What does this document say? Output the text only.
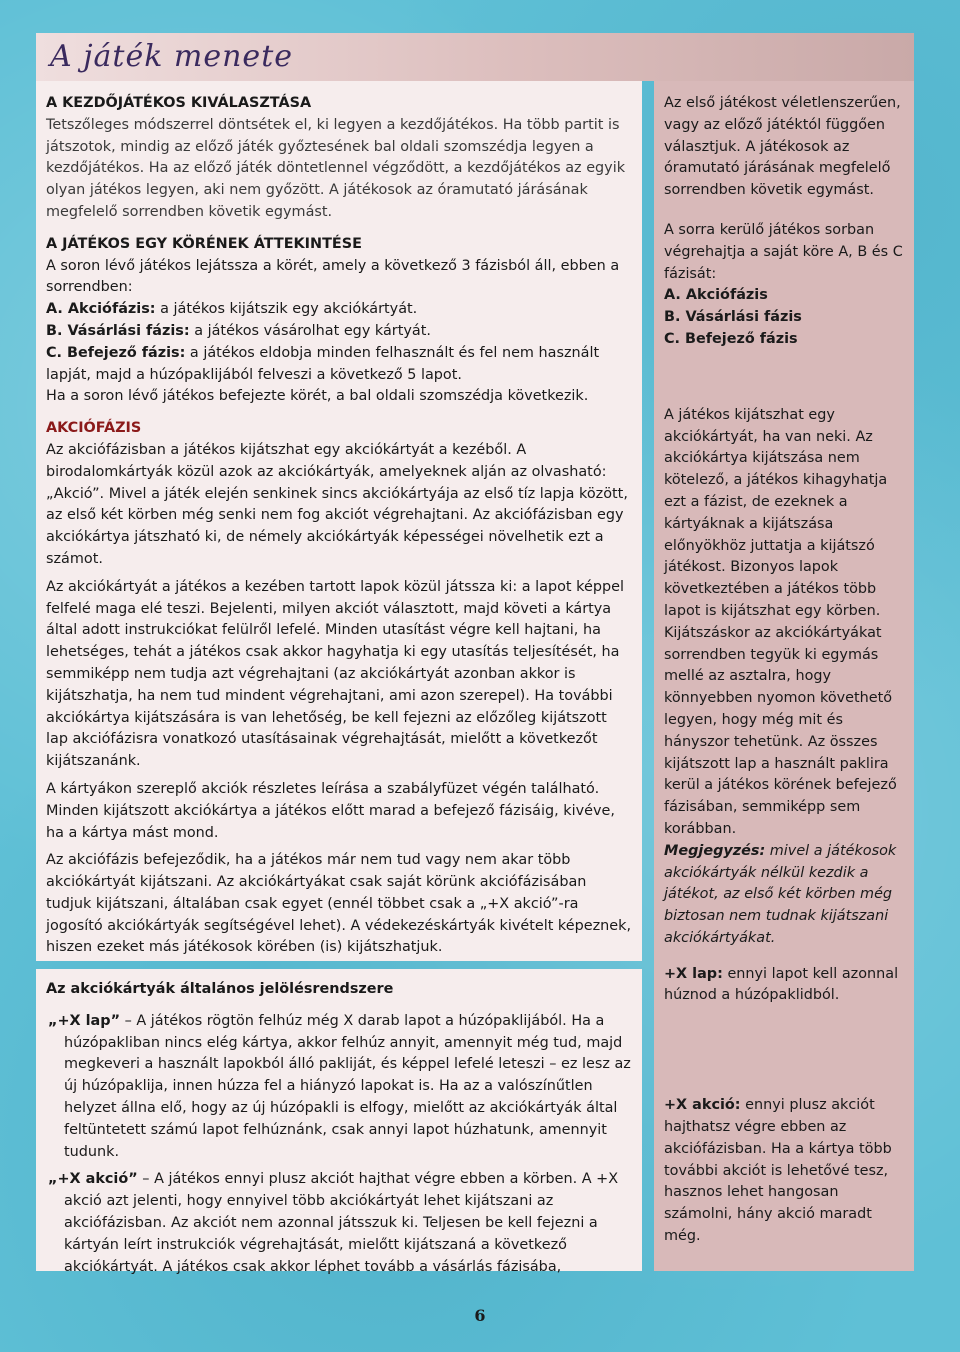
A játék menete

A KEZDŐJÁTÉKOS KIVÁLASZTÁSA

Tetszőleges módszerrel döntsétek el, ki legyen a kezdőjátékos. Ha több partit is játszotok, mindig az előző játék győztesének bal oldali szomszédja legyen a kezdőjátékos. Ha az előző játék döntetlennel végződött, a kezdőjátékos az egyik olyan játékos legyen, aki nem győzött. A játékosok az óramutató járásának megfelelő sorrendben követik egymást.

A JÁTÉKOS EGY KÖRÉNEK ÁTTEKINTÉSE

A soron lévő játékos lejátssza a körét, amely a következő 3 fázisból áll, ebben a sorrendben:

A. Akciófázis: a játékos kijátszik egy akciókártyát.

B. Vásárlási fázis: a játékos vásárolhat egy kártyát.

C. Befejező fázis: a játékos eldobja minden felhasznált és fel nem használt lapját, majd a húzópaklijából felveszi a következő 5 lapot.

Ha a soron lévő játékos befejezte körét, a bal oldali szomszédja következik.

AKCIÓFÁZIS

Az akciófázisban a játékos kijátszhat egy akciókártyát a kezéből. A birodalomkártyák közül azok az akciókártyák, amelyeknek alján az olvasható: „Akció”. Mivel a játék elején senkinek sincs akciókártyája az első tíz lapja között, az első két körben még senki nem fog akciót végrehajtani. Az akciófázisban egy akciókártya játszható ki, de némely akciókártyák képességei növelhetik ezt a számot.

Az akciókártyát a játékos a kezében tartott lapok közül játssza ki: a lapot képpel felfelé maga elé teszi. Bejelenti, milyen akciót választott, majd követi a kártya által adott instrukciókat felülről lefelé. Minden utasítást végre kell hajtani, ha lehetséges, tehát a játékos csak akkor hagyhatja ki egy utasítás teljesítését, ha semmiképp nem tudja azt végrehajtani (az akciókártyát azonban akkor is kijátszhatja, ha nem tud mindent végrehajtani, ami azon szerepel). Ha további akciókártya kijátszására is van lehetőség, be kell fejezni az előzőleg kijátszott lap akciófázisra vonatkozó utasításainak végrehajtását, mielőtt a következőt kijátszanánk.

A kártyákon szereplő akciók részletes leírása a szabályfüzet végén található. Minden kijátszott akciókártya a játékos előtt marad a befejező fázisáig, kivéve, ha a kártya mást mond.

Az akciófázis befejeződik, ha a játékos már nem tud vagy nem akar több akciókártyát kijátszani. Az akciókártyákat csak saját körünk akciófázisában tudjuk kijátszani, általában csak egyet (ennél többet csak a „+X akció”-ra jogosító akciókártyák segítségével lehet). A védekezéskártyák kivételt képeznek, hiszen ezeket más játékosok körében (is) kijátszhatjuk.

Az akciókártyák általános jelölésrendszere

„+X lap” – A játékos rögtön felhúz még X darab lapot a húzópaklijából. Ha a húzópakliban nincs elég kártya, akkor felhúz annyit, amennyit még tud, majd megkeveri a használt lapokból álló pakliját, és képpel lefelé leteszi – ez lesz az új húzópaklija, innen húzza fel a hiányzó lapokat is. Ha az a valószínűtlen helyzet állna elő, hogy az új húzópakli is elfogy, mielőtt az akciókártyák által feltüntetett számú lapot felhúznánk, csak annyi lapot húzhatunk, amennyit tudunk.

„+X akció” – A játékos ennyi plusz akciót hajthat végre ebben a körben. A +X akció azt jelenti, hogy ennyivel több akciókártyát lehet kijátszani az akciófázisban. Az akciót nem azonnal játsszuk ki. Teljesen be kell fejezni a kártyán leírt instrukciók végrehajtását, mielőtt kijátszaná a következő akciókártyát. A játékos csak akkor léphet tovább a vásárlás fázisába,

Az első játékost véletlenszerűen, vagy az előző játéktól függően választjuk. A játékosok az óramutató járásának megfelelő sorrendben követik egymást.

A sorra kerülő játékos sorban végrehajtja a saját köre A, B és C fázisát:

A. Akciófázis

B. Vásárlási fázis

C. Befejező fázis

A játékos kijátszhat egy akciókártyát, ha van neki. Az akciókártya kijátszása nem kötelező, a játékos kihagyhatja ezt a fázist, de ezeknek a kártyáknak a kijátszása előnyökhöz juttatja a kijátszó játékost. Bizonyos lapok következtében a játékos több lapot is kijátszhat egy körben. Kijátszáskor az akciókártyákat sorrendben tegyük ki egymás mellé az asztalra, hogy könnyebben nyomon követhető legyen, hogy még mit és hányszor tehetünk. Az összes kijátszott lap a használt paklira kerül a játékos körének befejező fázisában, semmiképp sem korábban.

Megjegyzés: mivel a játékosok akciókártyák nélkül kezdik a játékot, az első két körben még biztosan nem tudnak kijátszani akciókártyákat.

+X lap: ennyi lapot kell azonnal húznod a húzópaklidból.

+X akció: ennyi plusz akciót hajthatsz végre ebben az akciófázisban. Ha a kártya több további akciót is lehetővé tesz, hasznos lehet hangosan számolni, hány akció maradt még.

6
